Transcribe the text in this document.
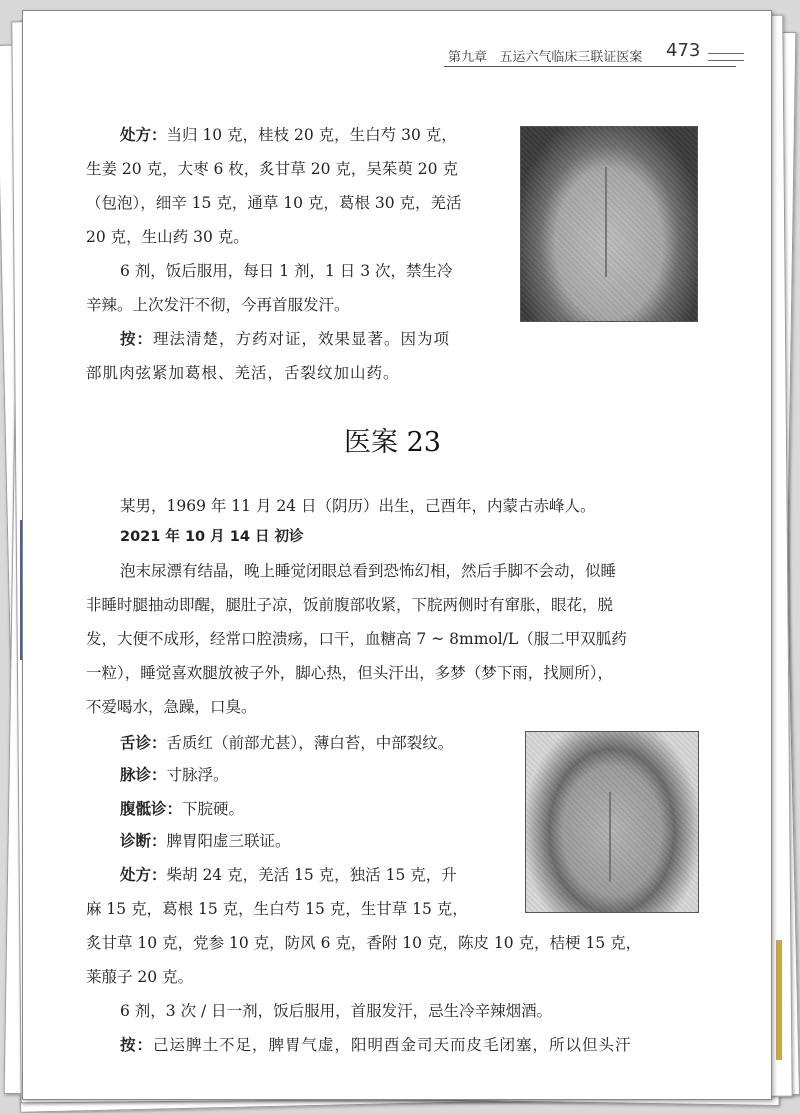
第九章 五运六气临床三联证医案 473
处方：当归 10 克，桂枝 20 克，生白芍 30 克，
生姜 20 克，大枣 6 枚，炙甘草 20 克，吴茱萸 20 克
（包泡），细辛 15 克，通草 10 克，葛根 30 克，羌活
20 克，生山药 30 克。
6 剂，饭后服用，每日 1 剂，1 日 3 次，禁生冷
辛辣。上次发汗不彻，今再首服发汗。
按：理法清楚，方药对证，效果显著。因为项
部肌肉弦紧加葛根、羌活，舌裂纹加山药。
医案 23
某男，1969 年 11 月 24 日（阴历）出生，己酉年，内蒙古赤峰人。
2021 年 10 月 14 日 初诊
泡末尿漂有结晶，晚上睡觉闭眼总看到恐怖幻相，然后手脚不会动，似睡
非睡时腿抽动即醒，腿肚子凉，饭前腹部收紧，下脘两侧时有窜胀，眼花，脱
发，大便不成形，经常口腔溃疡，口干，血糖高 7 ~ 8mmol/L（服二甲双胍药
一粒），睡觉喜欢腿放被子外，脚心热，但头汗出，多梦（梦下雨，找厕所），
不爱喝水，急躁，口臭。
舌诊：舌质红（前部尤甚），薄白苔，中部裂纹。
脉诊：寸脉浮。
腹骶诊：下脘硬。
诊断：脾胃阳虚三联证。
处方：柴胡 24 克，羌活 15 克，独活 15 克，升
麻 15 克，葛根 15 克，生白芍 15 克，生甘草 15 克，
炙甘草 10 克，党参 10 克，防风 6 克，香附 10 克，陈皮 10 克，桔梗 15 克，
莱菔子 20 克。
6 剂，3 次 / 日一剂，饭后服用，首服发汗，忌生冷辛辣烟酒。
按：己运脾土不足，脾胃气虚，阳明酉金司天而皮毛闭塞，所以但头汗
